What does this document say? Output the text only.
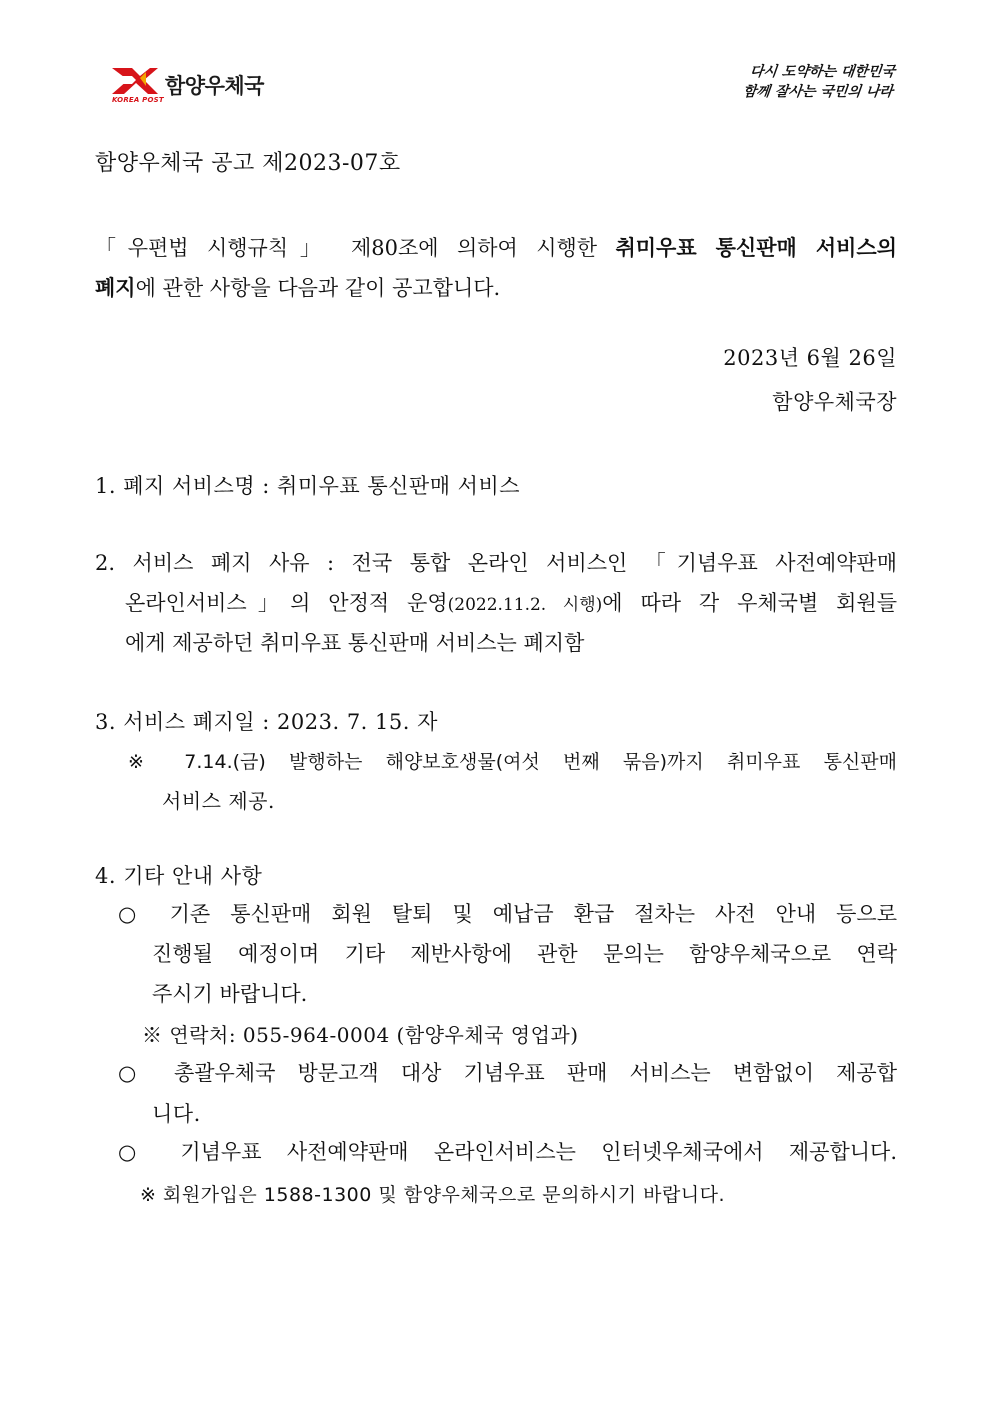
KOREA POST
함양우체국
다시 도약하는 대한민국
함께 잘사는 국민의 나라
함양우체국 공고 제2023-07호
「우편법 시행규칙」 제80조에 의하여 시행한 취미우표 통신판매 서비스의
폐지에 관한 사항을 다음과 같이 공고합니다.
2023년 6월 26일
함양우체국장
1. 폐지 서비스명 : 취미우표 통신판매 서비스
2. 서비스 폐지 사유 : 전국 통합 온라인 서비스인 「기념우표 사전예약판매
온라인서비스」의 안정적 운영(2022.11.2. 시행)에 따라 각 우체국별 회원들
에게 제공하던 취미우표 통신판매 서비스는 폐지함
3. 서비스 폐지일 : 2023. 7. 15. 자
※ 7.14.(금) 발행하는 해양보호생물(여섯 번째 묶음)까지 취미우표 통신판매
서비스 제공.
4. 기타 안내 사항
○ 기존 통신판매 회원 탈퇴 및 예납금 환급 절차는 사전 안내 등으로
진행될 예정이며 기타 제반사항에 관한 문의는 함양우체국으로 연락
주시기 바랍니다.
※ 연락처: 055-964-0004 (함양우체국 영업과)
○ 총괄우체국 방문고객 대상 기념우표 판매 서비스는 변함없이 제공합
니다.
○ 기념우표 사전예약판매 온라인서비스는 인터넷우체국에서 제공합니다.
※ 회원가입은 1588-1300 및 함양우체국으로 문의하시기 바랍니다.
